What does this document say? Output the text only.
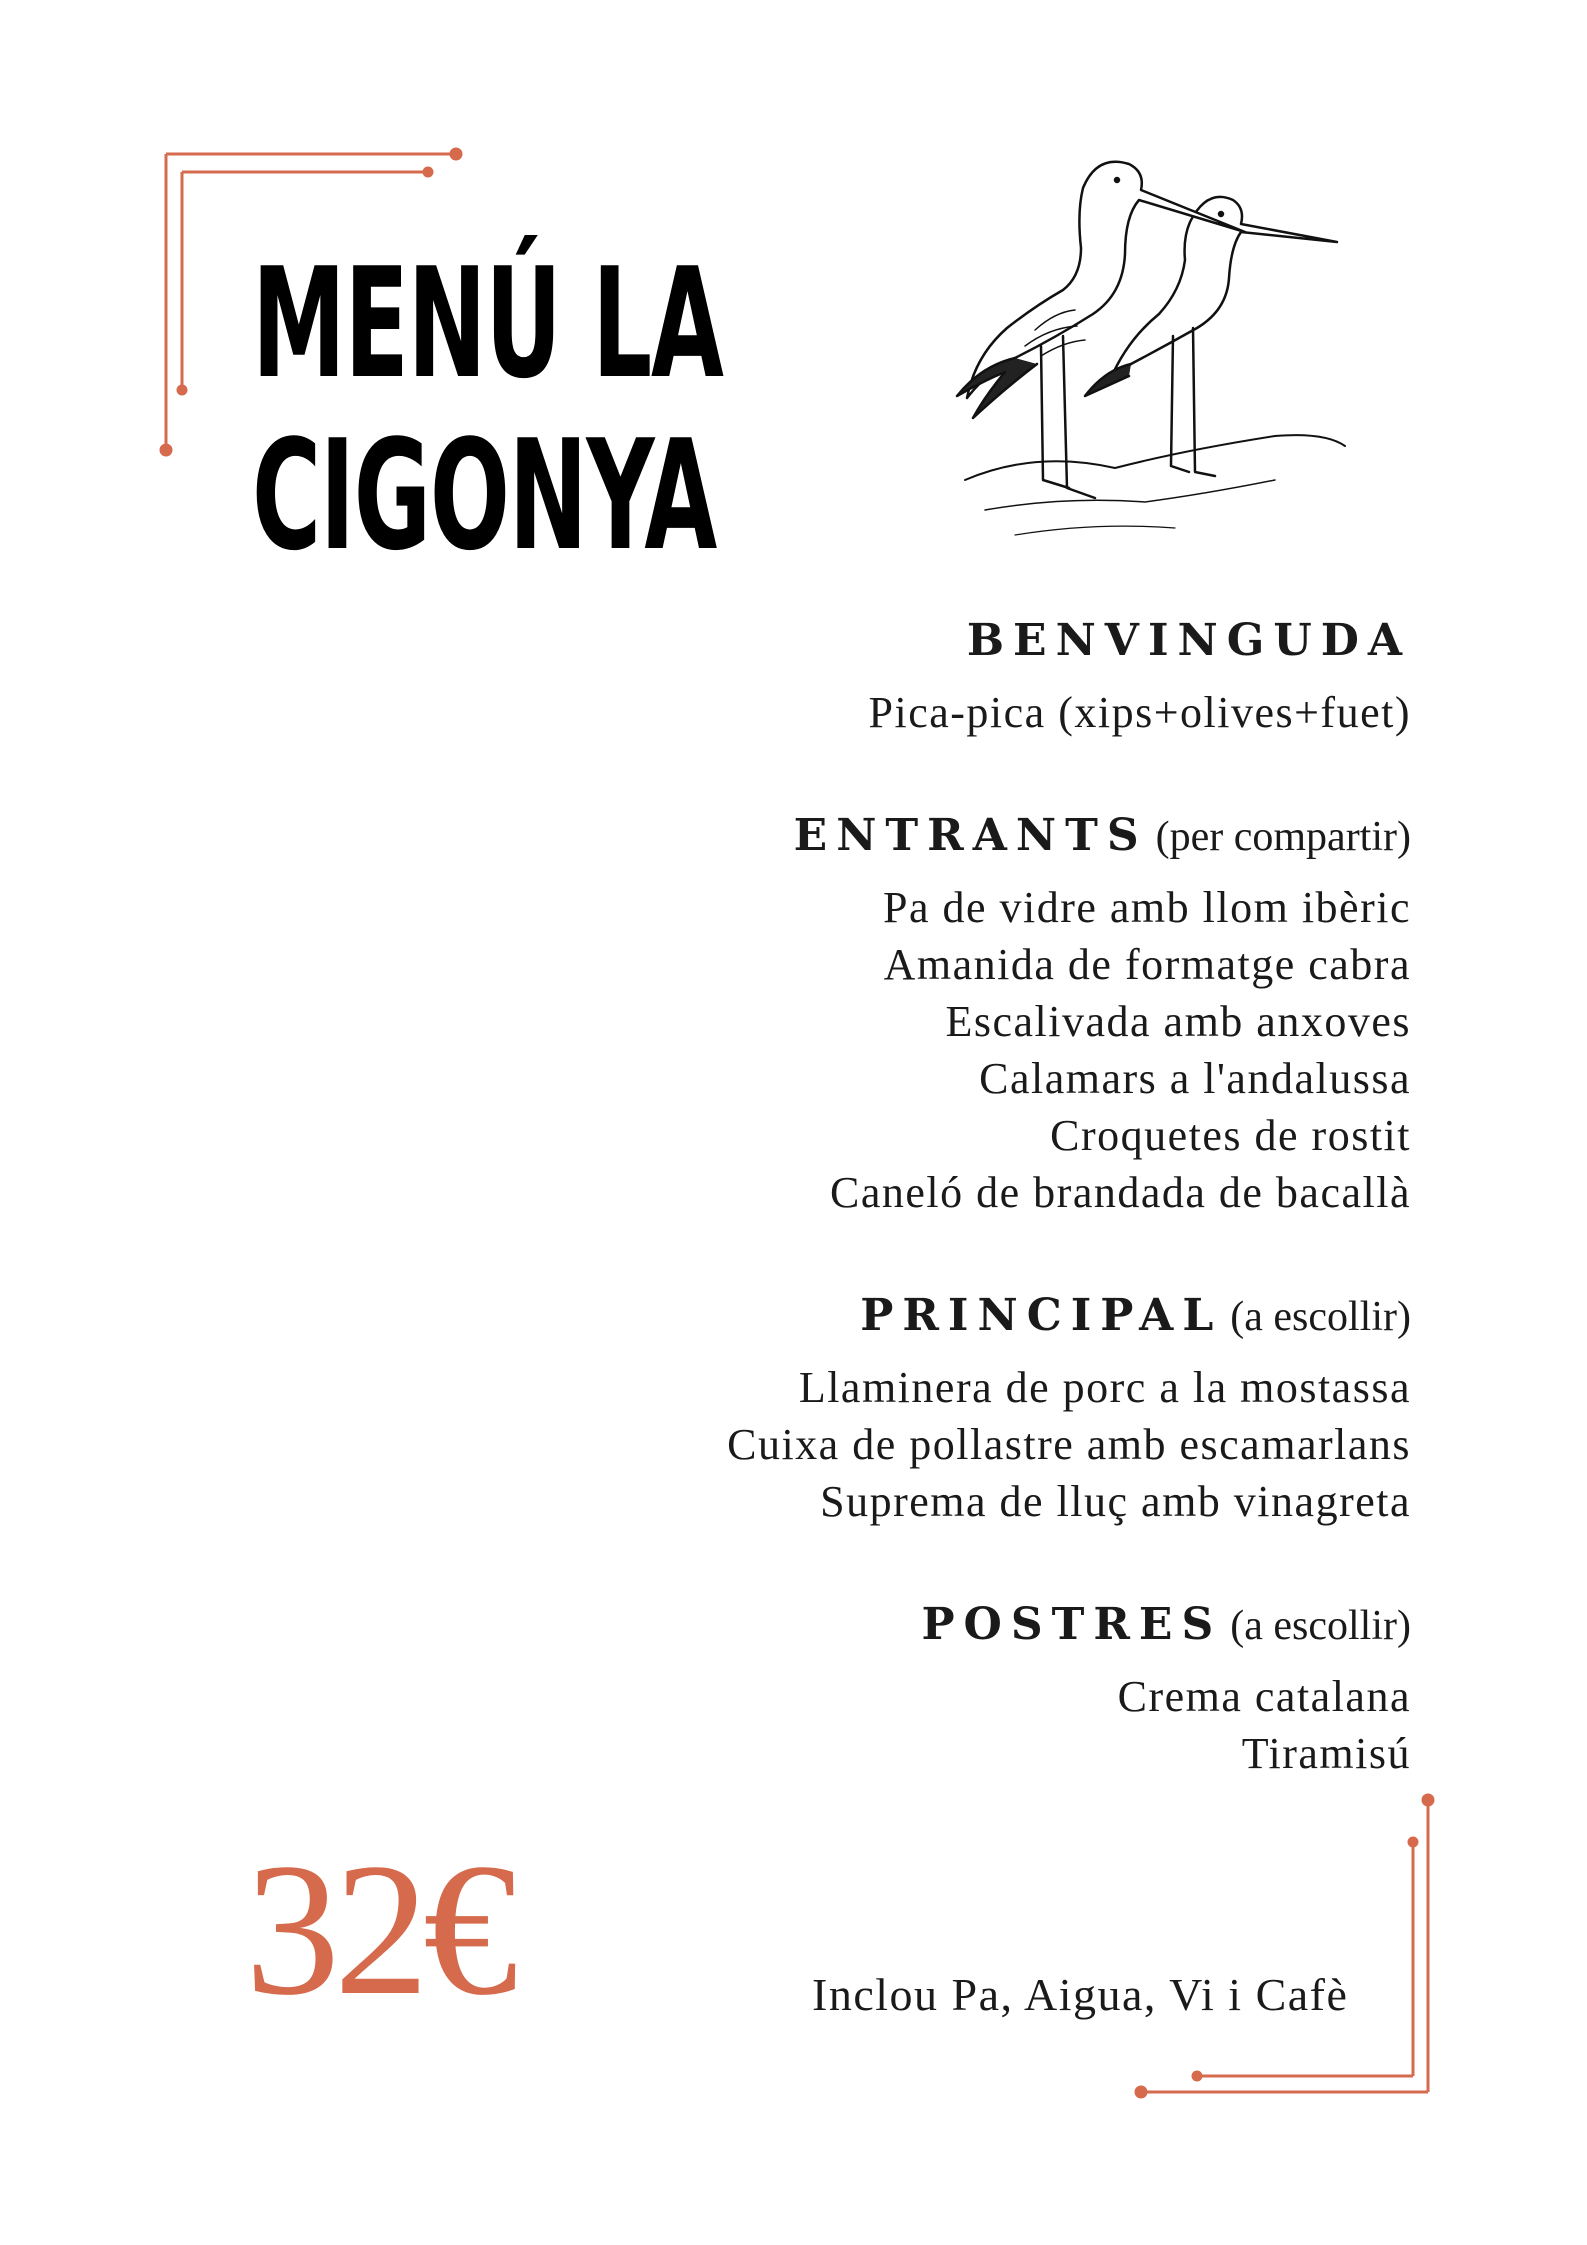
MENÚ LA
CIGONYA
BENVINGUDA
Pica-pica (xips+olives+fuet)
ENTRANTS (per compartir)
Pa de vidre amb llom ibèric
Amanida de formatge cabra
Escalivada amb anxoves
Calamars a l'andalussa
Croquetes de rostit
Caneló de brandada de bacallà
PRINCIPAL (a escollir)
Llaminera de porc a la mostassa
Cuixa de pollastre amb escamarlans
Suprema de lluç amb vinagreta
POSTRES (a escollir)
Crema catalana
Tiramisú
32€	Inclou Pa, Aigua, Vi i Cafè
